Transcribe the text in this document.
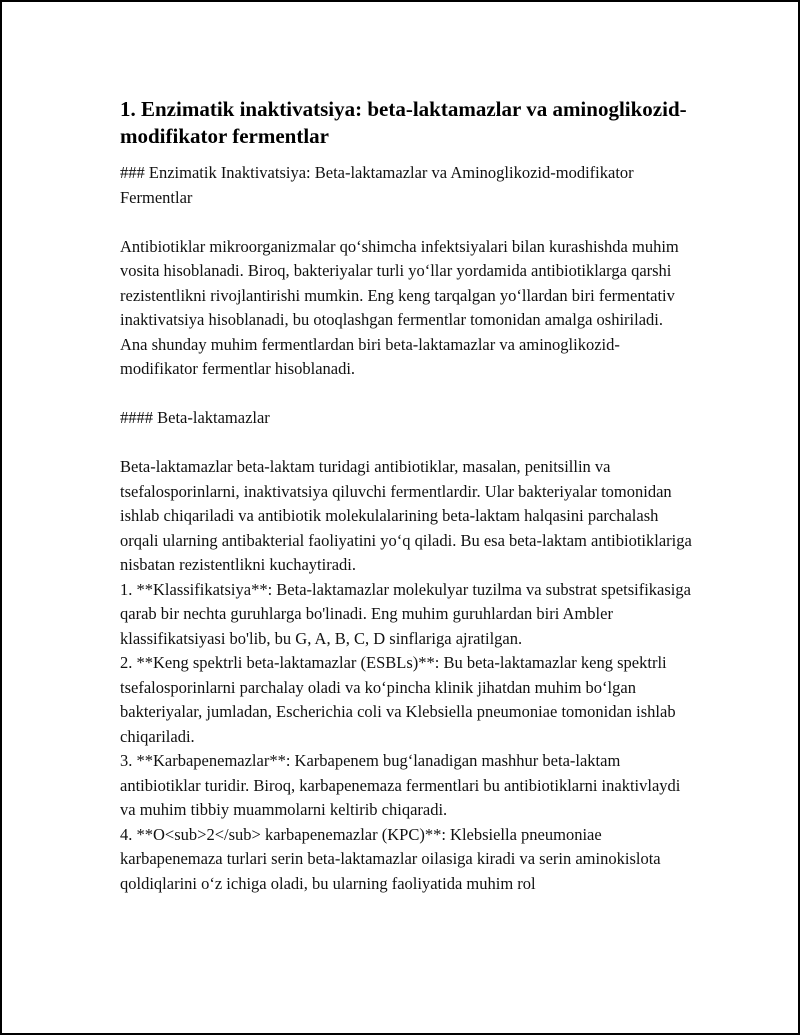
1. Enzimatik inaktivatsiya: beta-laktamazlar va aminoglikozid-modifikator fermentlar

### Enzimatik Inaktivatsiya: Beta-laktamazlar va Aminoglikozid-modifikator Fermentlar

Antibiotiklar mikroorganizmalar qo‘shimcha infektsiyalari bilan kurashishda muhim vosita hisoblanadi. Biroq, bakteriyalar turli yo‘llar yordamida antibiotiklarga qarshi rezistentlikni rivojlantirishi mumkin. Eng keng tarqalgan yo‘llardan biri fermentativ inaktivatsiya hisoblanadi, bu otoqlashgan fermentlar tomonidan amalga oshiriladi. Ana shunday muhim fermentlardan biri beta-laktamazlar va aminoglikozid-modifikator fermentlar hisoblanadi.

#### Beta-laktamazlar

Beta-laktamazlar beta-laktam turidagi antibiotiklar, masalan, penitsillin va tsefalosporinlarni, inaktivatsiya qiluvchi fermentlardir. Ular bakteriyalar tomonidan ishlab chiqariladi va antibiotik molekulalarining beta-laktam halqasini parchalash orqali ularning antibakterial faoliyatini yo‘q qiladi. Bu esa beta-laktam antibiotiklariga nisbatan rezistentlikni kuchaytiradi.

1. **Klassifikatsiya**: Beta-laktamazlar molekulyar tuzilma va substrat spetsifikasiga qarab bir nechta guruhlarga bo'linadi. Eng muhim guruhlardan biri Ambler klassifikatsiyasi bo'lib, bu G, A, B, C, D sinflariga ajratilgan.
2. **Keng spektrli beta-laktamazlar (ESBLs)**: Bu beta-laktamazlar keng spektrli tsefalosporinlarni parchalay oladi va ko‘pincha klinik jihatdan muhim bo‘lgan bakteriyalar, jumladan, Escherichia coli va Klebsiella pneumoniae tomonidan ishlab chiqariladi.
3. **Karbapenemazlar**: Karbapenem bug‘lanadigan mashhur beta-laktam antibiotiklar turidir. Biroq, karbapenemaza fermentlari bu antibiotiklarni inaktivlaydi va muhim tibbiy muammolarni keltirib chiqaradi.
4. **O<sub>2</sub> karbapenemazlar (KPC)**: Klebsiella pneumoniae karbapenemaza turlari serin beta-laktamazlar oilasiga kiradi va serin aminokislota qoldiqlarini o‘z ichiga oladi, bu ularning faoliyatida muhim rol
